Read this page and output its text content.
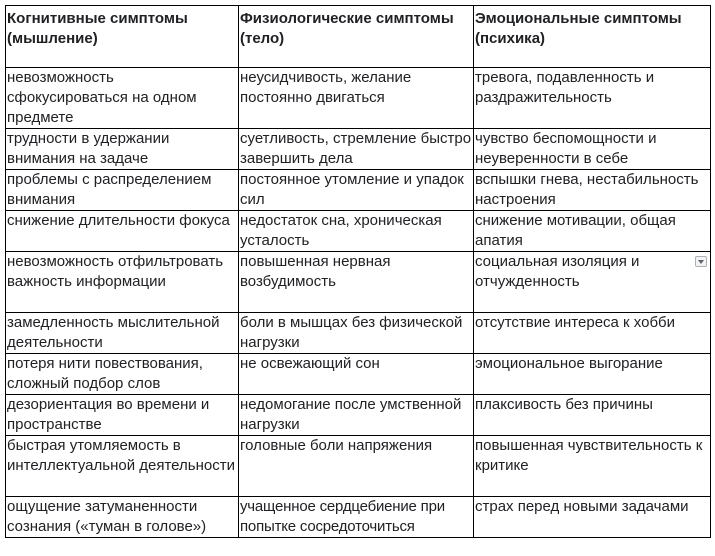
Когнитивные симптомы (мышление)	Физиологические симптомы (тело)	Эмоциональные симптомы (психика)
невозможность сфокусироваться на одном предмете	неусидчивость, желание постоянно двигаться	тревога, подавленность и раздражительность
трудности в удержании внимания на задаче	суетливость, стремление быстро завершить дела	чувство беспомощности и неуверенности в себе
проблемы с распределением внимания	постоянное утомление и упадок сил	вспышки гнева, нестабильность настроения
снижение длительности фокуса	недостаток сна, хроническая усталость	снижение мотивации, общая апатия
невозможность отфильтровать важность информации	повышенная нервная возбудимость	социальная изоляция и отчужденность

замедленность мыслительной деятельности	боли в мышцах без физической нагрузки	отсутствие интереса к хобби
потеря нити повествования, сложный подбор слов	не освежающий сон	эмоциональное выгорание
дезориентация во времени и пространстве	недомогание после умственной нагрузки	плаксивость без причины
быстрая утомляемость в интеллектуальной деятельности	головные боли напряжения	повышенная чувствительность к критике
ощущение затуманенности сознания («туман в голове»)	учащенное сердцебиение при попытке сосредоточиться	страх перед новыми задачами
